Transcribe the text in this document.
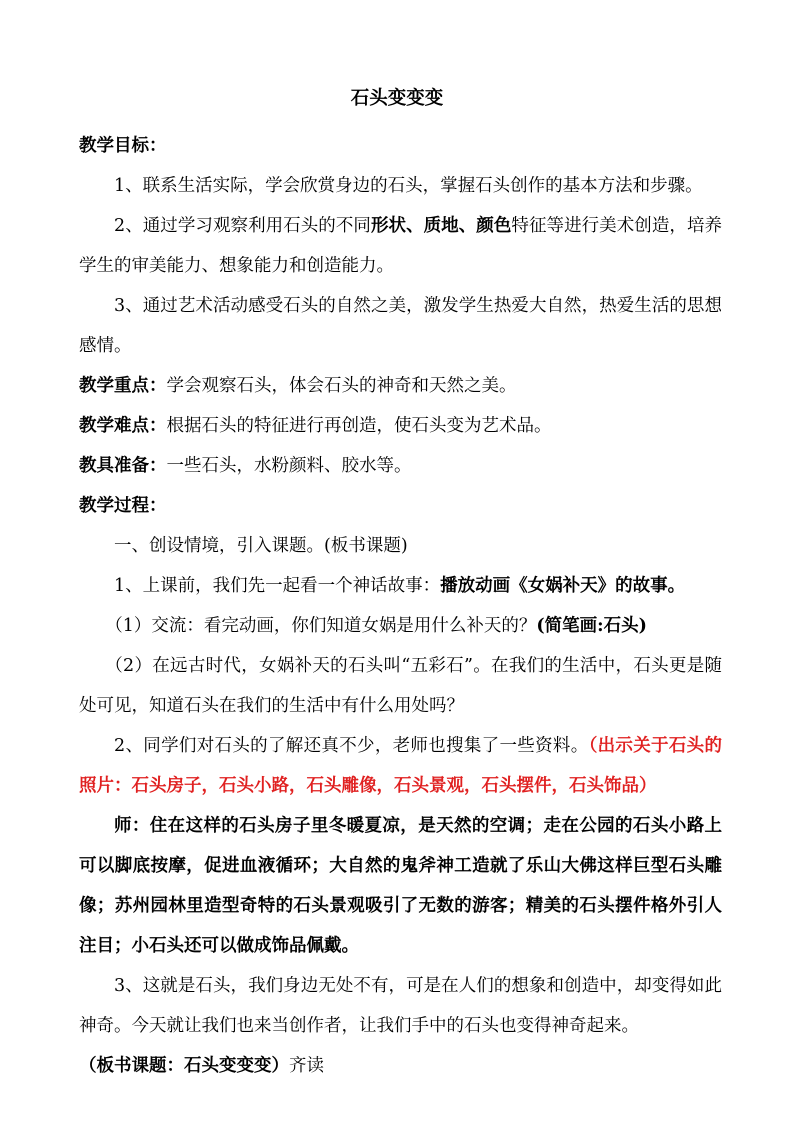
石头变变变

教学目标：

1、联系生活实际，学会欣赏身边的石头，掌握石头创作的基本方法和步骤。

2、通过学习观察利用石头的不同形状、质地、颜色特征等进行美术创造，培养学生的审美能力、想象能力和创造能力。

3、通过艺术活动感受石头的自然之美，激发学生热爱大自然，热爱生活的思想感情。

教学重点：学会观察石头，体会石头的神奇和天然之美。

教学难点：根据石头的特征进行再创造，使石头变为艺术品。

教具准备：一些石头，水粉颜料、胶水等。

教学过程：

一、创设情境，引入课题。(板书课题)

1、上课前，我们先一起看一个神话故事：播放动画《女娲补天》的故事。

（1）交流：看完动画，你们知道女娲是用什么补天的？(简笔画:石头)

（2）在远古时代，女娲补天的石头叫“五彩石”。在我们的生活中，石头更是随处可见，知道石头在我们的生活中有什么用处吗？

2、同学们对石头的了解还真不少，老师也搜集了一些资料。（出示关于石头的照片：石头房子，石头小路，石头雕像，石头景观，石头摆件，石头饰品）

师：住在这样的石头房子里冬暖夏凉，是天然的空调；走在公园的石头小路上可以脚底按摩，促进血液循环；大自然的鬼斧神工造就了乐山大佛这样巨型石头雕像；苏州园林里造型奇特的石头景观吸引了无数的游客；精美的石头摆件格外引人注目；小石头还可以做成饰品佩戴。

3、这就是石头，我们身边无处不有，可是在人们的想象和创造中，却变得如此神奇。今天就让我们也来当创作者，让我们手中的石头也变得神奇起来。

（板书课题：石头变变变）齐读
